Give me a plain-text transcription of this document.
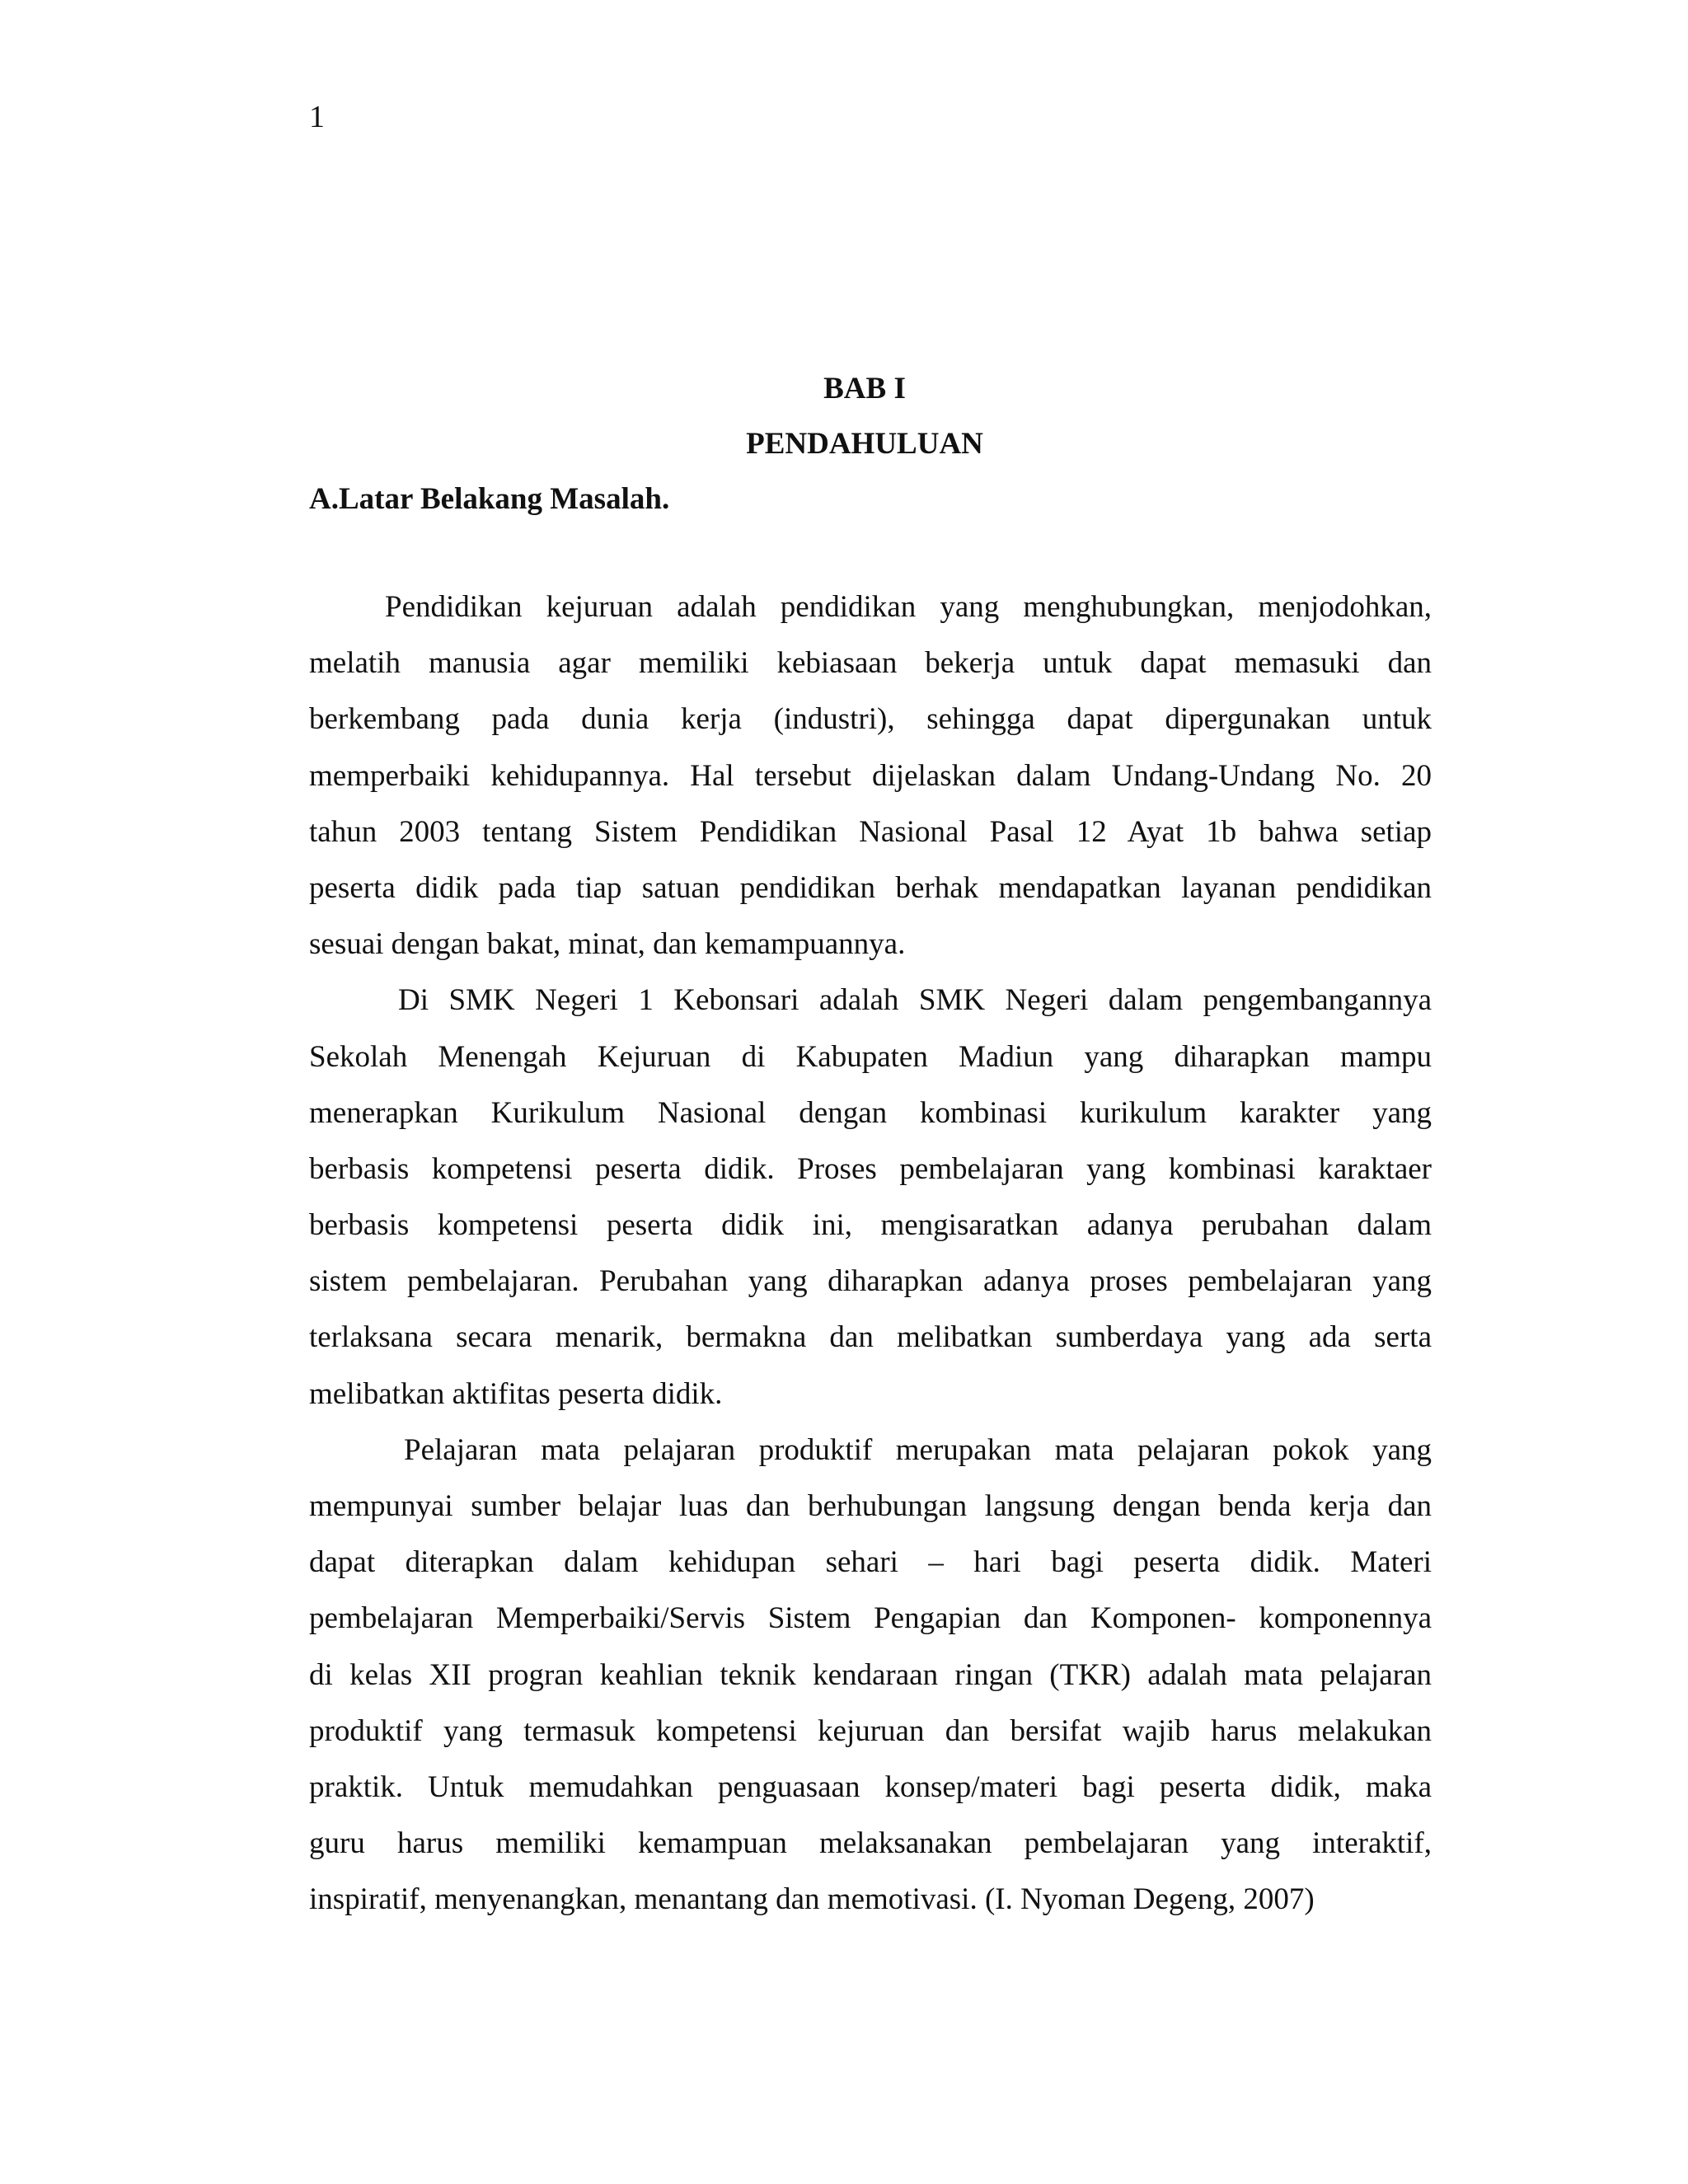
1
BAB I
PENDAHULUAN
A.Latar Belakang Masalah.
Pendidikan kejuruan adalah pendidikan yang menghubungkan, menjodohkan,
melatih manusia agar memiliki kebiasaan bekerja untuk dapat memasuki dan
berkembang pada dunia kerja (industri), sehingga dapat dipergunakan untuk
memperbaiki kehidupannya. Hal tersebut dijelaskan dalam Undang-Undang No. 20
tahun 2003 tentang Sistem Pendidikan Nasional Pasal 12 Ayat 1b bahwa setiap
peserta didik pada tiap satuan pendidikan berhak mendapatkan layanan pendidikan
sesuai dengan bakat, minat, dan kemampuannya.
Di SMK Negeri 1 Kebonsari adalah SMK Negeri dalam pengembangannya
Sekolah Menengah Kejuruan di Kabupaten Madiun yang diharapkan mampu
menerapkan Kurikulum Nasional dengan kombinasi kurikulum karakter yang
berbasis kompetensi peserta didik. Proses pembelajaran yang kombinasi karaktaer
berbasis kompetensi peserta didik ini, mengisaratkan adanya perubahan dalam
sistem pembelajaran. Perubahan yang diharapkan adanya proses pembelajaran yang
terlaksana secara menarik, bermakna dan melibatkan sumberdaya yang ada serta
melibatkan aktifitas peserta didik.
Pelajaran mata pelajaran produktif merupakan mata pelajaran pokok yang
mempunyai sumber belajar luas dan berhubungan langsung dengan benda kerja dan
dapat diterapkan dalam kehidupan sehari – hari bagi peserta didik. Materi
pembelajaran Memperbaiki/Servis Sistem Pengapian dan Komponen- komponennya
di kelas XII progran keahlian teknik kendaraan ringan (TKR) adalah mata pelajaran
produktif yang termasuk kompetensi kejuruan dan bersifat wajib harus melakukan
praktik. Untuk memudahkan penguasaan konsep/materi bagi peserta didik, maka
guru harus memiliki kemampuan melaksanakan pembelajaran yang interaktif,
inspiratif, menyenangkan, menantang dan memotivasi. (I. Nyoman Degeng, 2007)
